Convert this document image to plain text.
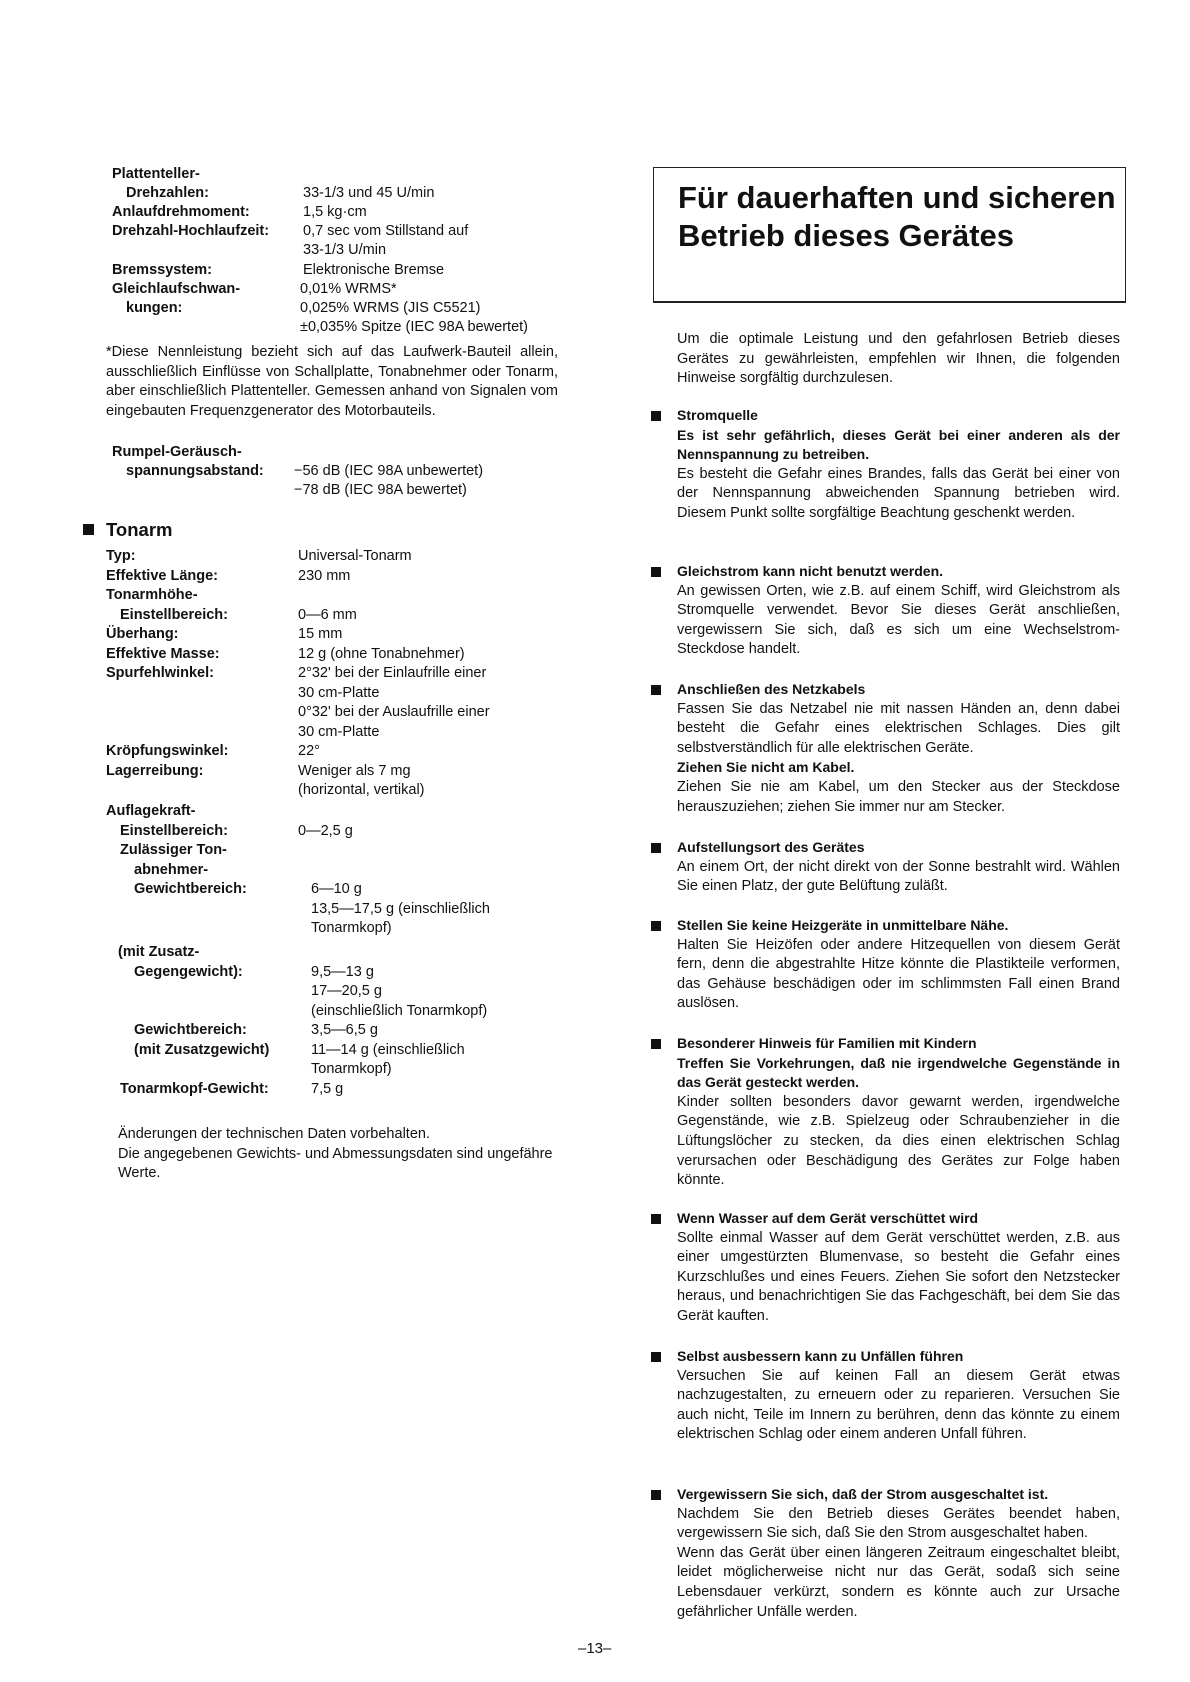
Plattenteller-
Drehzahlen:	33-1/3 und 45 U/min
Anlaufdrehmoment:	1,5 kg·cm
Drehzahl-Hochlaufzeit: 0,7 sec vom Stillstand auf
33-1/3 U/min
Bremssystem:	Elektronische Bremse
Gleichlaufschwan-	0,01% WRMS*
kungen:	0,025% WRMS (JIS C5521)
±0,035% Spitze (IEC 98A bewertet)
*Diese Nennleistung bezieht sich auf das Laufwerk-Bauteil allein, ausschließlich Einflüsse von Schallplatte, Tonabnehmer oder Tonarm, aber einschließlich Plattenteller. Gemessen anhand von Signalen vom eingebauten Frequenzgenerator des Motorbauteils.
Rumpel-Geräusch-
spannungsabstand: −56 dB (IEC 98A unbewertet)
−78 dB (IEC 98A bewertet)
Tonarm
Typ:	Universal-Tonarm
Effektive Länge:	230 mm
Tonarmhöhe-
Einstellbereich:	0—6 mm
Überhang:	15 mm
Effektive Masse:	12 g (ohne Tonabnehmer)
Spurfehlwinkel:	2°32' bei der Einlaufrille einer
30 cm-Platte
0°32' bei der Auslaufrille einer
30 cm-Platte
Kröpfungswinkel:	22°
Lagerreibung:	Weniger als 7 mg
(horizontal, vertikal)
Auflagekraft-
Einstellbereich:	0—2,5 g
Zulässiger Ton-
abnehmer-
Gewichtbereich:	6—10 g
13,5—17,5 g (einschließlich
Tonarmkopf)
(mit Zusatz-
Gegengewicht):	9,5—13 g
17—20,5 g
(einschließlich Tonarmkopf)
Gewichtbereich:	3,5—6,5 g
(mit Zusatzgewicht)	11—14 g (einschließlich
Tonarmkopf)
Tonarmkopf-Gewicht:	7,5 g
Änderungen der technischen Daten vorbehalten.
Die angegebenen Gewichts- und Abmessungsdaten sind ungefähre Werte.
Für dauerhaften und sicheren Betrieb dieses Gerätes

Um die optimale Leistung und den gefahrlosen Betrieb dieses Gerätes zu gewährleisten, empfehlen wir Ihnen, die folgenden Hinweise sorgfältig durchzulesen.

Stromquelle

Es ist sehr gefährlich, dieses Gerät bei einer anderen als der Nennspannung zu betreiben.

Es besteht die Gefahr eines Brandes, falls das Gerät bei einer von der Nennspannung abweichenden Spannung betrieben wird. Diesem Punkt sollte sorgfältige Beachtung geschenkt werden.

Gleichstrom kann nicht benutzt werden.

An gewissen Orten, wie z.B. auf einem Schiff, wird Gleichstrom als Stromquelle verwendet. Bevor Sie dieses Gerät anschließen, vergewissern Sie sich, daß es sich um eine Wechselstrom-Steckdose handelt.

Anschließen des Netzkabels

Fassen Sie das Netzabel nie mit nassen Händen an, denn dabei besteht die Gefahr eines elektrischen Schlages. Dies gilt selbstverständlich für alle elektrischen Geräte.

Ziehen Sie nicht am Kabel.

Ziehen Sie nie am Kabel, um den Stecker aus der Steckdose herauszuziehen; ziehen Sie immer nur am Stecker.

Aufstellungsort des Gerätes

An einem Ort, der nicht direkt von der Sonne bestrahlt wird. Wählen Sie einen Platz, der gute Belüftung zuläßt.

Stellen Sie keine Heizgeräte in unmittelbare Nähe.

Halten Sie Heizöfen oder andere Hitzequellen von diesem Gerät fern, denn die abgestrahlte Hitze könnte die Plastikteile verformen, das Gehäuse beschädigen oder im schlimmsten Fall einen Brand auslösen.

Besonderer Hinweis für Familien mit Kindern

Treffen Sie Vorkehrungen, daß nie irgendwelche Gegenstände in das Gerät gesteckt werden.

Kinder sollten besonders davor gewarnt werden, irgendwelche Gegenstände, wie z.B. Spielzeug oder Schraubenzieher in die Lüftungslöcher zu stecken, da dies einen elektrischen Schlag verursachen oder Beschädigung des Gerätes zur Folge haben könnte.

Wenn Wasser auf dem Gerät verschüttet wird

Sollte einmal Wasser auf dem Gerät verschüttet werden, z.B. aus einer umgestürzten Blumenvase, so besteht die Gefahr eines Kurzschlußes und eines Feuers. Ziehen Sie sofort den Netzstecker heraus, und benachrichtigen Sie das Fachgeschäft, bei dem Sie das Gerät kauften.

Selbst ausbessern kann zu Unfällen führen

Versuchen Sie auf keinen Fall an diesem Gerät etwas nachzugestalten, zu erneuern oder zu reparieren. Versuchen Sie auch nicht, Teile im Innern zu berühren, denn das könnte zu einem elektrischen Schlag oder einem anderen Unfall führen.

Vergewissern Sie sich, daß der Strom ausgeschaltet ist.

Nachdem Sie den Betrieb dieses Gerätes beendet haben, vergewissern Sie sich, daß Sie den Strom ausgeschaltet haben.

Wenn das Gerät über einen längeren Zeitraum eingeschaltet bleibt, leidet möglicherweise nicht nur das Gerät, sodaß sich seine Lebensdauer verkürzt, sondern es könnte auch zur Ursache gefährlicher Unfälle werden.

–13–
